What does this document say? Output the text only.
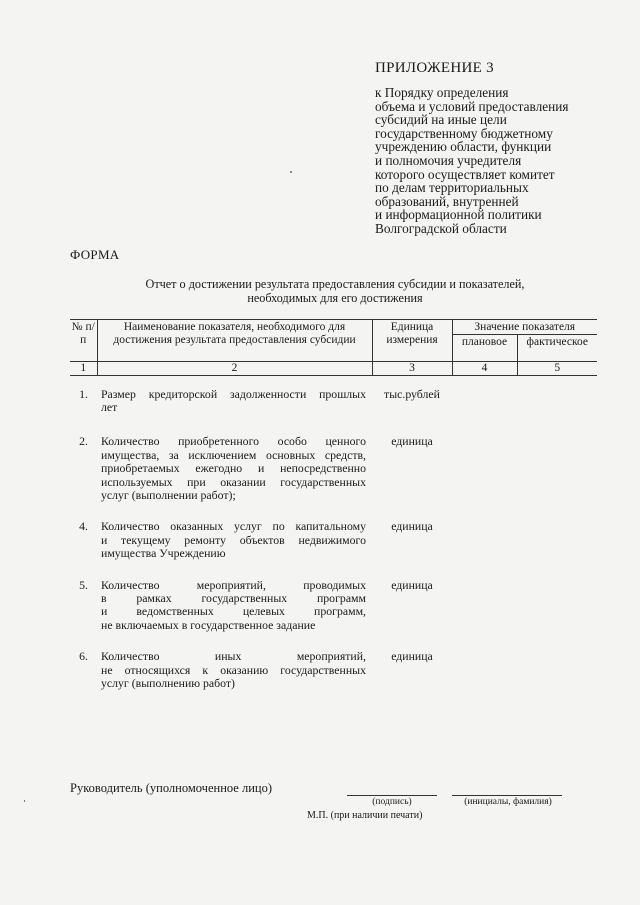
ПРИЛОЖЕНИЕ 3
к Порядку определения
объема и условий предоставления
субсидий на иные цели
государственному бюджетному
учреждению области, функции
и полномочия учредителя
которого осуществляет комитет
по делам территориальных
образований, внутренней
и информационной политики
Волгоградской области
ФОРМА
Отчет о достижении результата предоставления субсидии и показателей,
необходимых для его достижения
№ п/п	Наименование показателя, необходимого для достижения результата предоставления субсидии	Единица измерения	Значение показателя	
			плановое	фактическое
1	2	3	4	5
1.	Размер кредиторской задолженности прошлых
лет	тыс.рублей		

2.	Количество приобретенного особо ценного
имущества, за исключением основных средств,
приобретаемых ежегодно и непосредственно
используемых при оказании государственных
услуг (выполнении работ);	единица		

4.	Количество оказанных услуг по капитальному
и текущему ремонту объектов недвижимого
имущества Учреждению	единица		

5.	Количество мероприятий, проводимых
в рамках государственных программ
и ведомственных целевых программ,
не включаемых в государственное задание	единица		

6.	Количество иных мероприятий,
не относящихся к оказанию государственных
услуг (выполнению работ)	единица		
Руководитель (уполномоченное лицо)
(подпись)	(инициалы, фамилия)
М.П. (при наличии печати)
